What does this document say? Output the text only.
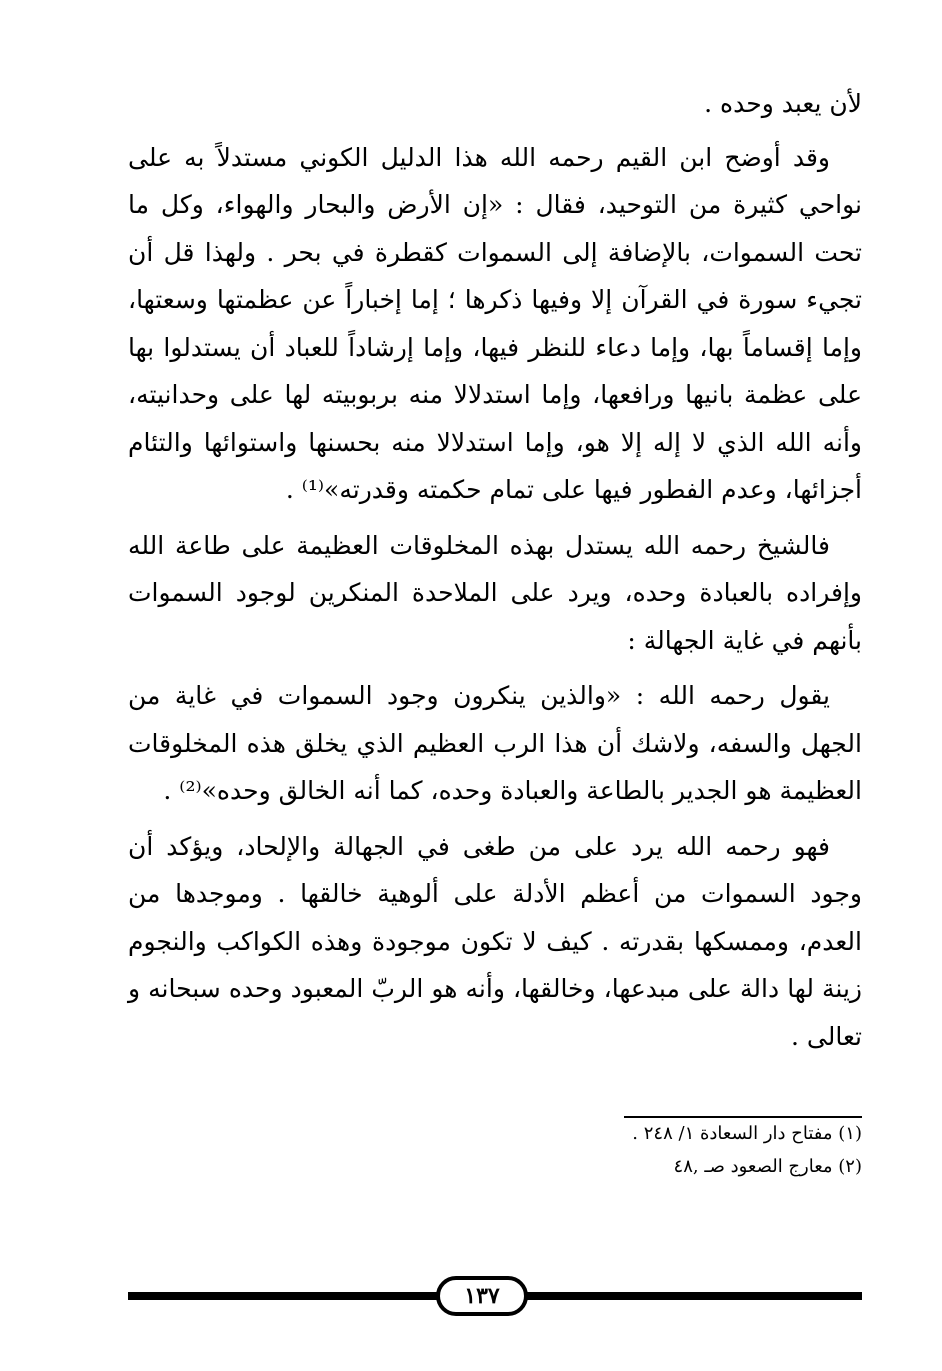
لأن يعبد وحده .

وقد أوضح ابن القيم رحمه الله هذا الدليل الكوني مستدلاً به على نواحي كثيرة من التوحيد، فقال : «إن الأرض والبحار والهواء، وكل ما تحت السموات، بالإضافة إلى السموات كقطرة في بحر . ولهذا قل أن تجيء سورة في القرآن إلا وفيها ذكرها ؛ إما إخباراً عن عظمتها وسعتها، وإما إقساماً بها، وإما دعاء للنظر فيها، وإما إرشاداً للعباد أن يستدلوا بها على عظمة بانيها ورافعها، وإما استدلالا منه بربوبيته لها على وحدانيته، وأنه الله الذي لا إله إلا هو، وإما استدلالا منه بحسنها واستوائها والتئام أجزائها، وعدم الفطور فيها على تمام حكمته وقدرته»⁽¹⁾ .

فالشيخ رحمه الله يستدل بهذه المخلوقات العظيمة على طاعة الله وإفراده بالعبادة وحده، ويرد على الملاحدة المنكرين لوجود السموات بأنهم في غاية الجهالة :

يقول رحمه الله : «والذين ينكرون وجود السموات في غاية من الجهل والسفه، ولاشك أن هذا الرب العظيم الذي يخلق هذه المخلوقات العظيمة هو الجدير بالطاعة والعبادة وحده، كما أنه الخالق وحده»⁽²⁾ .

فهو رحمه الله يرد على من طغى في الجهالة والإلحاد، ويؤكد أن وجود السموات من أعظم الأدلة على ألوهية خالقها . وموجدها من العدم، وممسكها بقدرته . كيف لا تكون موجودة وهذه الكواكب والنجوم زينة لها دالة على مبدعها، وخالقها، وأنه هو الربّ المعبود وحده سبحانه و تعالى .

(١) مفتاح دار السعادة ١/ ٢٤٨ .
(٢) معارج الصعود صـ ,٤٨
١٣٧
